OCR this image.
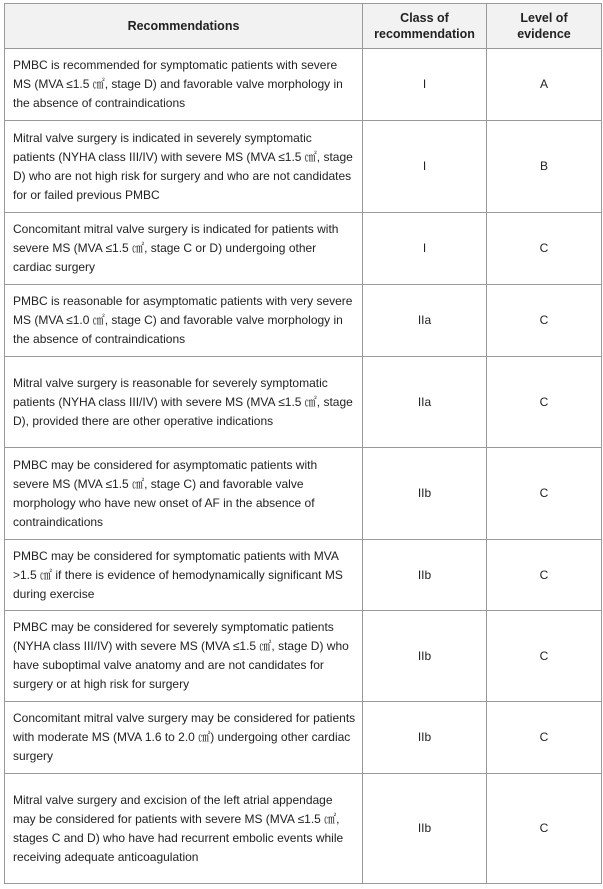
Recommendations	Class of recommendation	Level of evidence
PMBC is recommended for symptomatic patients with severe MS (MVA ≤1.5 ㎠, stage D) and favorable valve morphology in the absence of contraindications	I	A
Mitral valve surgery is indicated in severely symptomatic patients (NYHA class III/IV) with severe MS (MVA ≤1.5 ㎠, stage D) who are not high risk for surgery and who are not candidates for or failed previous PMBC	I	B
Concomitant mitral valve surgery is indicated for patients with severe MS (MVA ≤1.5 ㎠, stage C or D) undergoing other cardiac surgery	I	C
PMBC is reasonable for asymptomatic patients with very severe MS (MVA ≤1.0 ㎠, stage C) and favorable valve morphology in the absence of contraindications	IIa	C
Mitral valve surgery is reasonable for severely symptomatic patients (NYHA class III/IV) with severe MS (MVA ≤1.5 ㎠, stage D), provided there are other operative indications	IIa	C
PMBC may be considered for asymptomatic patients with severe MS (MVA ≤1.5 ㎠, stage C) and favorable valve morphology who have new onset of AF in the absence of contraindications	IIb	C
PMBC may be considered for symptomatic patients with MVA >1.5 ㎠ if there is evidence of hemodynamically significant MS during exercise	IIb	C
PMBC may be considered for severely symptomatic patients (NYHA class III/IV) with severe MS (MVA ≤1.5 ㎠, stage D) who have suboptimal valve anatomy and are not candidates for surgery or at high risk for surgery	IIb	C
Concomitant mitral valve surgery may be considered for patients with moderate MS (MVA 1.6 to 2.0 ㎠) undergoing other cardiac surgery	IIb	C
Mitral valve surgery and excision of the left atrial appendage may be considered for patients with severe MS (MVA ≤1.5 ㎠, stages C and D) who have had recurrent embolic events while receiving adequate anticoagulation	IIb	C
